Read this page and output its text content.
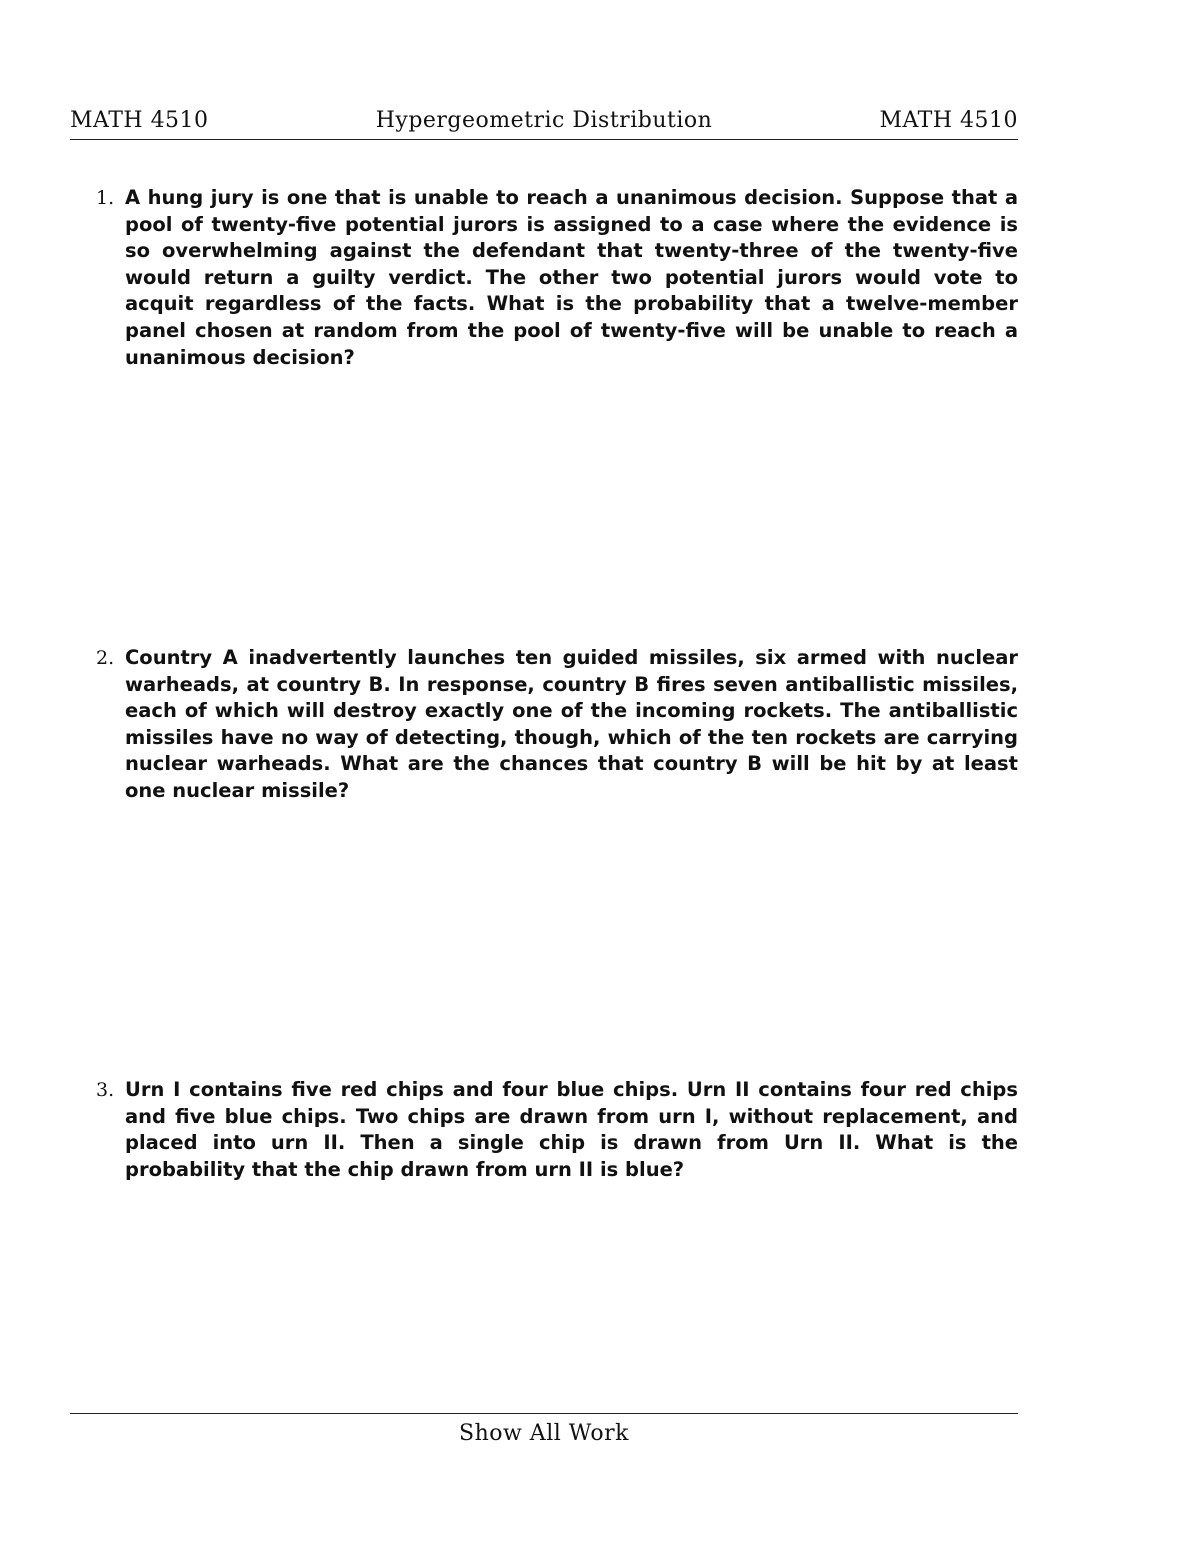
MATH 4510	Hypergeometric Distribution	MATH 4510
1. A hung jury is one that is unable to reach a unanimous decision. Suppose that a pool of twenty-five potential jurors is assigned to a case where the evidence is so overwhelming against the defendant that twenty-three of the twenty-five would return a guilty verdict. The other two potential jurors would vote to acquit regardless of the facts. What is the probability that a twelve-member panel chosen at random from the pool of twenty-five will be unable to reach a unanimous decision?
2. Country A inadvertently launches ten guided missiles, six armed with nuclear warheads, at country B. In response, country B fires seven antiballistic missiles, each of which will destroy exactly one of the incoming rockets. The antiballistic missiles have no way of detecting, though, which of the ten rockets are carrying nuclear warheads. What are the chances that country B will be hit by at least one nuclear missile?
3. Urn I contains five red chips and four blue chips. Urn II contains four red chips and five blue chips. Two chips are drawn from urn I, without replacement, and placed into urn II. Then a single chip is drawn from Urn II. What is the probability that the chip drawn from urn II is blue?
Show All Work
